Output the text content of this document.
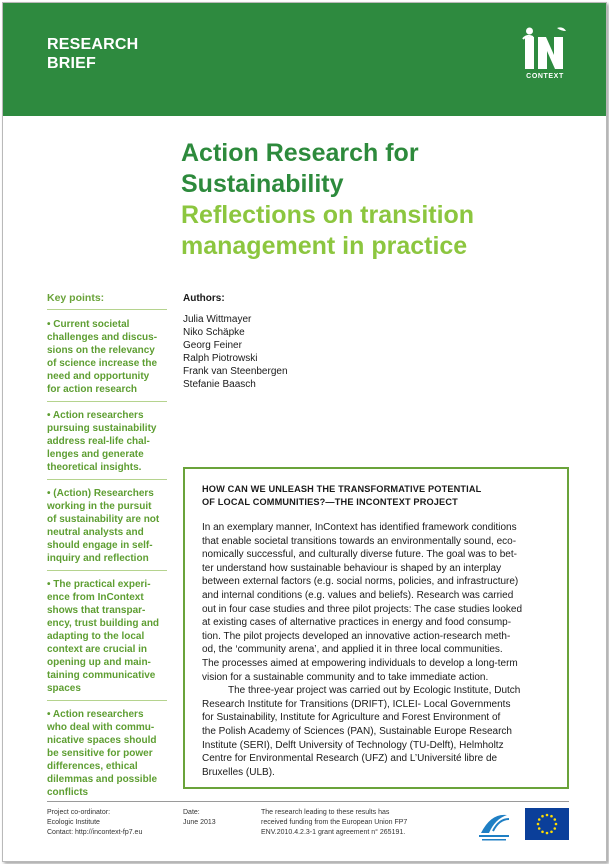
RESEARCH
BRIEF
CONTEXT
Action Research for
Sustainability
Reflections on transition
management in practice
Key points:
• Current societal
challenges and discus-
sions on the relevancy
of science increase the
need and opportunity
for action research
• Action researchers
pursuing sustainability
address real-life chal-
lenges and generate
theoretical insights.
• (Action) Researchers
working in the pursuit
of sustainability are not
neutral analysts and
should engage in self-
inquiry and reflection
• The practical experi-
ence from InContext
shows that transpar-
ency, trust building and
adapting to the local
context are crucial in
opening up and main-
taining communicative
spaces
• Action researchers
who deal with commu-
nicative spaces should
be sensitive for power
differences, ethical
dilemmas and possible
conflicts
Authors:
Julia Wittmayer
Niko Schäpke
Georg Feiner
Ralph Piotrowski
Frank van Steenbergen
Stefanie Baasch
HOW CAN WE UNLEASH THE TRANSFORMATIVE POTENTIAL
OF LOCAL COMMUNITIES?—THE INCONTEXT PROJECT
In an exemplary manner, InContext has identified framework conditions
that enable societal transitions towards an environmentally sound, eco-
nomically successful, and culturally diverse future. The goal was to bet-
ter understand how sustainable behaviour is shaped by an interplay
between external factors (e.g. social norms, policies, and infrastructure)
and internal conditions (e.g. values and beliefs). Research was carried
out in four case studies and three pilot projects: The case studies looked
at existing cases of alternative practices in energy and food consump-
tion. The pilot projects developed an innovative action-research meth-
od, the ‘community arena’, and applied it in three local communities.
The processes aimed at empowering individuals to develop a long-term
vision for a sustainable community and to take immediate action.
The three-year project was carried out by Ecologic Institute, Dutch
Research Institute for Transitions (DRIFT), ICLEI- Local Governments
for Sustainability, Institute for Agriculture and Forest Environment of
the Polish Academy of Sciences (PAN), Sustainable Europe Research
Institute (SERI), Delft University of Technology (TU-Delft), Helmholtz
Centre for Environmental Research (UFZ) and L’Université libre de
Bruxelles (ULB).
Project co-ordinator:
Ecologic Institute
Contact: http://incontext-fp7.eu
Date:
June 2013
The research leading to these results has
received funding from the European Union FP7
ENV.2010.4.2.3-1 grant agreement n° 265191.
